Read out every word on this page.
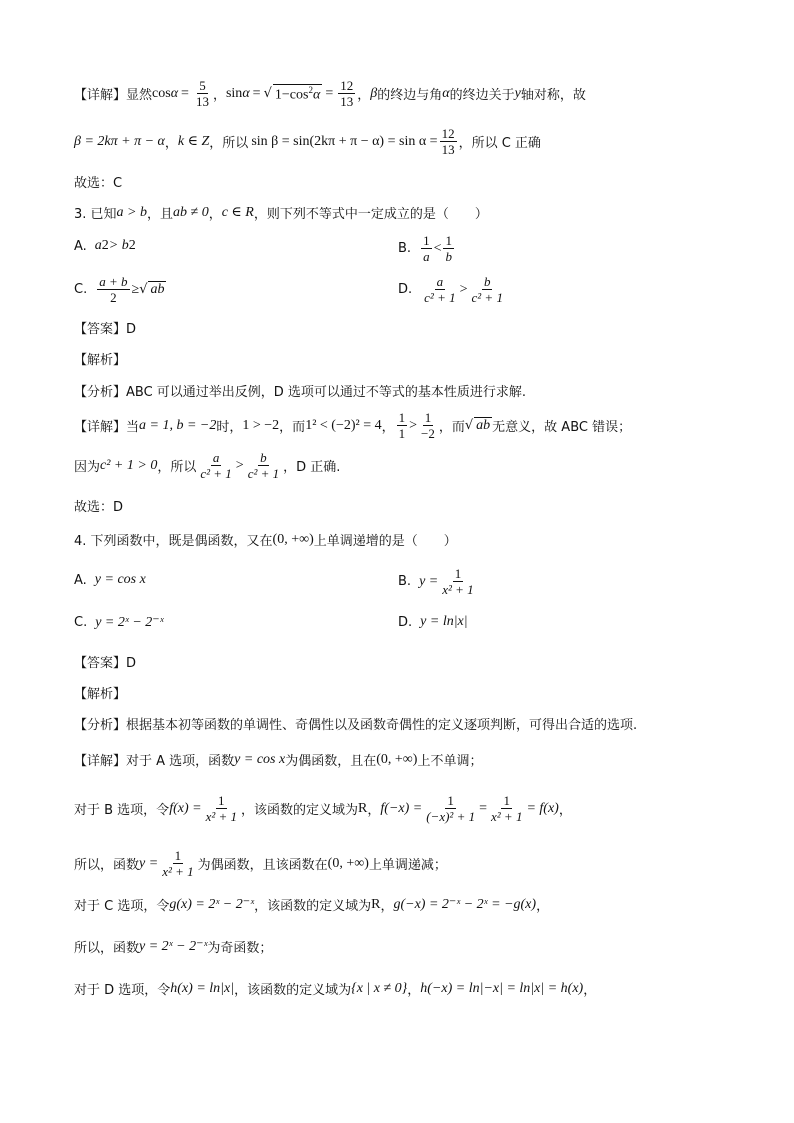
【详解】显然 $\cos \alpha = \frac{5}{13}$ ， sin α = √ $1-\cos^2\alpha = \frac{12}{13}$ ， β 的终边与角 α 的终边关于 y 轴对称，故
β = 2kπ + π − α ， k ∈ Z ，所以 $\sin \beta = \sin(2k\pi + \pi - \alpha) = \sin \alpha = \frac{12}{13}$ ，所以 C 正确
故选：C
3. 已知 a > b ，且 ab ≠ 0 ， c ∈ R ，则下列不等式中一定成立的是（　　）
A. a 2 > b 2	B. $\frac{1}{a} < \frac{1}{b}$
C. $\frac{a + b}{2}$ ≥ √ ab	D. $\frac{a}{\text{c² + 1}} > \frac{b}{\text{c² + 1}}$
【答案】D
【解析】
【分析】ABC 可以通过举出反例，D 选项可以通过不等式的基本性质进行求解.
【详解】当 a = 1, b = −2 时， 1 > −2 ，而 1² < (−2)² = 4 ， $\frac{1}{1} > \frac{1}{-2}$ ，而 √ ab 无意义，故 ABC 错误；
因为 c² + 1 > 0 ，所以 $\frac{a}{\text{c² + 1}} > \frac{b}{\text{c² + 1}}$ ，D 正确.
故选：D
4. 下列函数中，既是偶函数，又在 (0, +∞) 上单调递增的是（　　）
A. y = cos x	B. $y = \frac{1}{\text{x² + 1}}$
C. y = 2ˣ − 2⁻ˣ	D. y = ln|x|
【答案】D
【解析】
【分析】根据基本初等函数的单调性、奇偶性以及函数奇偶性的定义逐项判断，可得出合适的选项.
【详解】对于 A 选项，函数 y = cos x 为偶函数，且在 (0, +∞) 上不单调；
对于 B 选项，令 $f(x) = \frac{1}{\text{x² + 1}}$ ，该函数的定义域为 R ， $f(-x) = \frac{1}{\text{(−x)² + 1}} = \frac{1}{\text{x² + 1}} = f(x)$ ，
所以，函数 $y = \frac{1}{\text{x² + 1}}$ 为偶函数，且该函数在 (0, +∞) 上单调递减；
对于 C 选项，令 g(x) = 2ˣ − 2⁻ˣ ，该函数的定义域为 R ， g(−x) = 2⁻ˣ − 2ˣ = −g(x) ，
所以，函数 y = 2ˣ − 2⁻ˣ 为奇函数；
对于 D 选项，令 h(x) = ln|x| ，该函数的定义域为 {x | x ≠ 0} ， h(−x) = ln|−x| = ln|x| = h(x) ，
